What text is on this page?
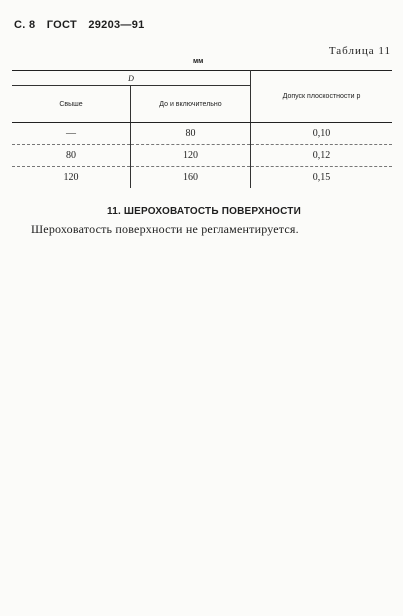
С. 8 ГОСТ 29203—91
Таблица 11
мм
D		Допуск плоскостности p
Свыше	До и включительно	
—	80	0,10
80	120	0,12
120	160	0,15
11. ШЕРОХОВАТОСТЬ ПОВЕРХНОСТИ
Шероховатость поверхности не регламентируется.
